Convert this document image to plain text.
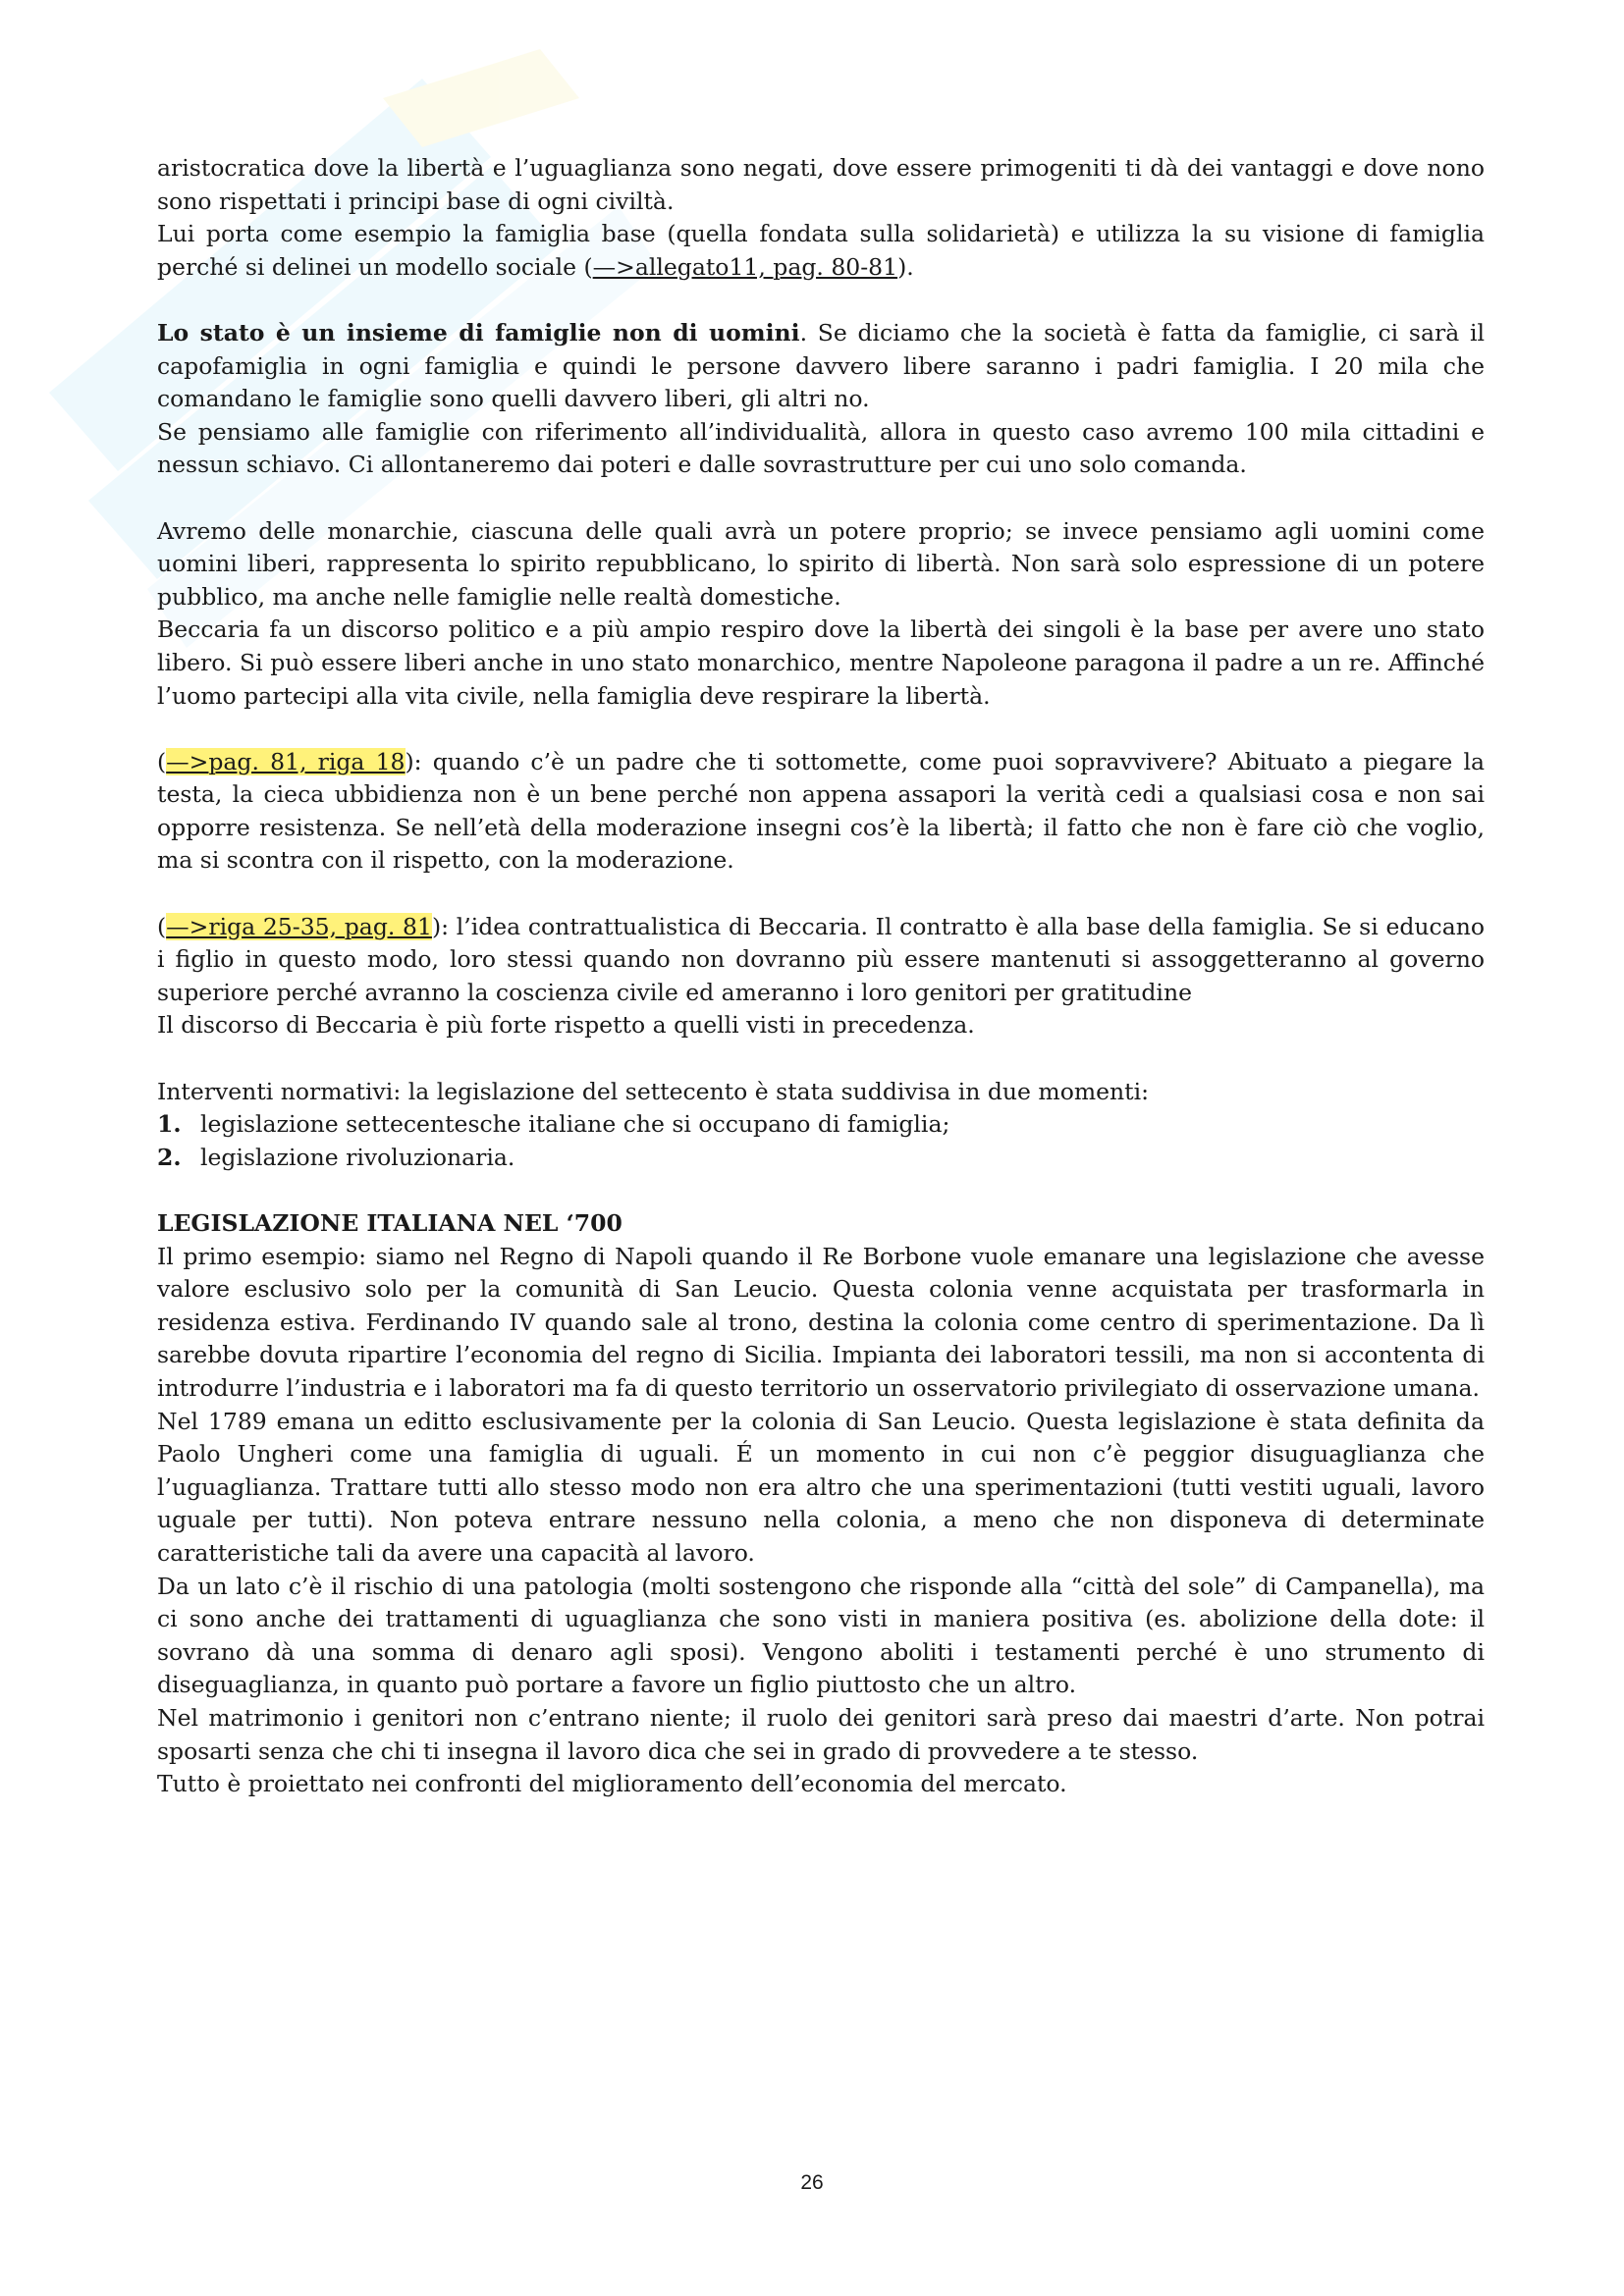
aristocratica dove la libertà e l’uguaglianza sono negati, dove essere primogeniti ti dà dei vantaggi e dove nono sono rispettati i principi base di ogni civiltà.

Lui porta come esempio la famiglia base (quella fondata sulla solidarietà) e utilizza la su visione di famiglia perché si delinei un modello sociale (—>allegato11, pag. 80-81).

Lo stato è un insieme di famiglie non di uomini. Se diciamo che la società è fatta da famiglie, ci sarà il capofamiglia in ogni famiglia e quindi le persone davvero libere saranno i padri famiglia. I 20 mila che comandano le famiglie sono quelli davvero liberi, gli altri no.

Se pensiamo alle famiglie con riferimento all’individualità, allora in questo caso avremo 100 mila cittadini e nessun schiavo. Ci allontaneremo dai poteri e dalle sovrastrutture per cui uno solo comanda.

Avremo delle monarchie, ciascuna delle quali avrà un potere proprio; se invece pensiamo agli uomini come uomini liberi, rappresenta lo spirito repubblicano, lo spirito di libertà. Non sarà solo espressione di un potere pubblico, ma anche nelle famiglie nelle realtà domestiche.

Beccaria fa un discorso politico e a più ampio respiro dove la libertà dei singoli è la base per avere uno stato libero. Si può essere liberi anche in uno stato monarchico, mentre Napoleone paragona il padre a un re. Affinché l’uomo partecipi alla vita civile, nella famiglia deve respirare la libertà.

(—>pag. 81, riga 18): quando c’è un padre che ti sottomette, come puoi sopravvivere? Abituato a piegare la testa, la cieca ubbidienza non è un bene perché non appena assapori la verità cedi a qualsiasi cosa e non sai opporre resistenza. Se nell’età della moderazione insegni cos’è la libertà; il fatto che non è fare ciò che voglio, ma si scontra con il rispetto, con la moderazione.

(—>riga 25-35, pag. 81): l’idea contrattualistica di Beccaria. Il contratto è alla base della famiglia. Se si educano i figlio in questo modo, loro stessi quando non dovranno più essere mantenuti si assoggetteranno al governo superiore perché avranno la coscienza civile ed ameranno i loro genitori per gratitudine

Il discorso di Beccaria è più forte rispetto a quelli visti in precedenza.

Interventi normativi: la legislazione del settecento è stata suddivisa in due momenti:

1. legislazione settecentesche italiane che si occupano di famiglia;
2. legislazione rivoluzionaria.

LEGISLAZIONE ITALIANA NEL ‘700

Il primo esempio: siamo nel Regno di Napoli quando il Re Borbone vuole emanare una legislazione che avesse valore esclusivo solo per la comunità di San Leucio. Questa colonia venne acquistata per trasformarla in residenza estiva. Ferdinando IV quando sale al trono, destina la colonia come centro di sperimentazione. Da lì sarebbe dovuta ripartire l’economia del regno di Sicilia. Impianta dei laboratori tessili, ma non si accontenta di introdurre l’industria e i laboratori ma fa di questo territorio un osservatorio privilegiato di osservazione umana.

Nel 1789 emana un editto esclusivamente per la colonia di San Leucio. Questa legislazione è stata definita da Paolo Ungheri come una famiglia di uguali. É un momento in cui non c’è peggior disuguaglianza che l’uguaglianza. Trattare tutti allo stesso modo non era altro che una sperimentazioni (tutti vestiti uguali, lavoro uguale per tutti). Non poteva entrare nessuno nella colonia, a meno che non disponeva di determinate caratteristiche tali da avere una capacità al lavoro.

Da un lato c’è il rischio di una patologia (molti sostengono che risponde alla “città del sole” di Campanella), ma ci sono anche dei trattamenti di uguaglianza che sono visti in maniera positiva (es. abolizione della dote: il sovrano dà una somma di denaro agli sposi). Vengono aboliti i testamenti perché è uno strumento di diseguaglianza, in quanto può portare a favore un figlio piuttosto che un altro.

Nel matrimonio i genitori non c’entrano niente; il ruolo dei genitori sarà preso dai maestri d’arte. Non potrai sposarti senza che chi ti insegna il lavoro dica che sei in grado di provvedere a te stesso.

Tutto è proiettato nei confronti del miglioramento dell’economia del mercato.

26
